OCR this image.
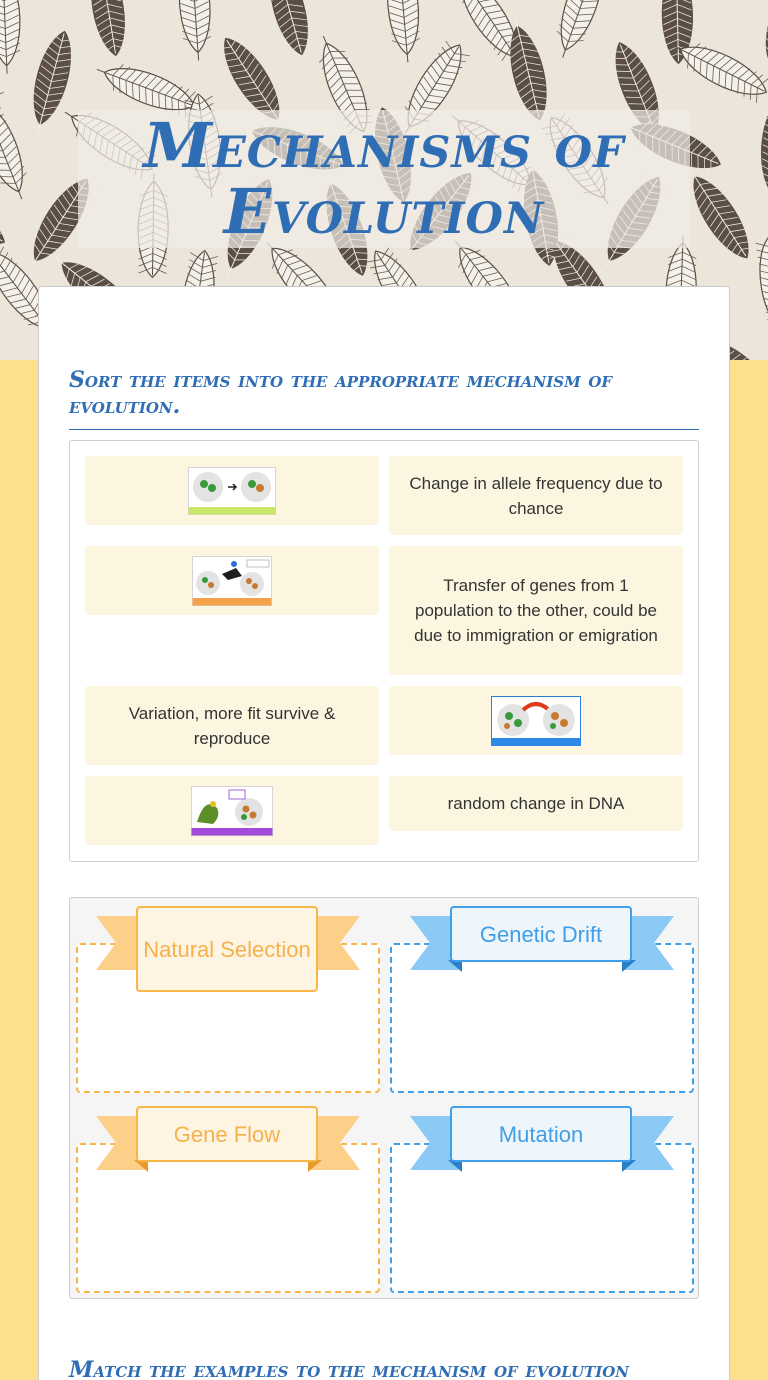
Mechanisms of Evolution
Sort the items into the appropriate mechanism of evolution.
Change in allele frequency due to chance
Transfer of genes from 1 population to the other, could be due to immigration or emigration
Variation, more fit survive & reproduce
random change in DNA
Natural Selection
Genetic Drift
Gene Flow	Mutation
Match the examples to the mechanism of evolution
